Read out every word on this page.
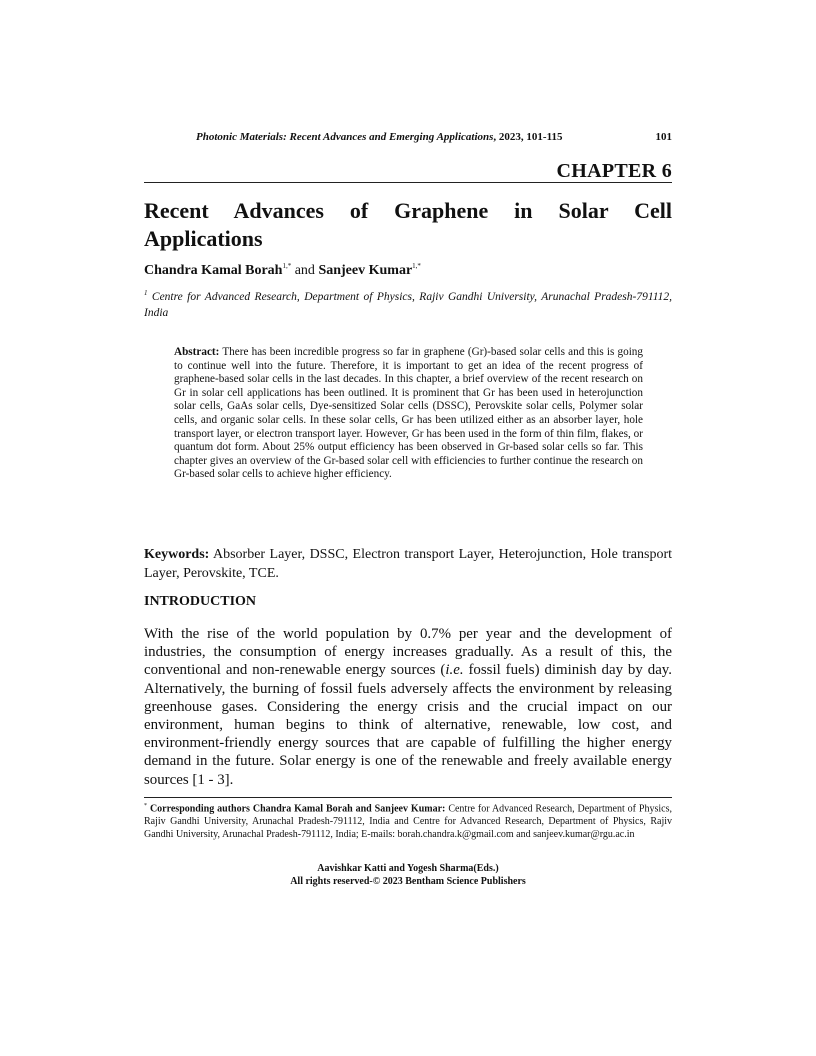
Photonic Materials: Recent Advances and Emerging Applications, 2023, 101-115	101
CHAPTER 6
Recent Advances of Graphene in Solar Cell Applications
Chandra Kamal Borah$^{1,*}$ and Sanjeev Kumar$^{1,*}$
$^1$ Centre for Advanced Research, Department of Physics, Rajiv Gandhi University, Arunachal Pradesh-791112, India
Abstract: There has been incredible progress so far in graphene (Gr)-based solar cells and this is going to continue well into the future. Therefore, it is important to get an idea of the recent progress of graphene-based solar cells in the last decades. In this chapter, a brief overview of the recent research on Gr in solar cell applications has been outlined. It is prominent that Gr has been used in heterojunction solar cells, GaAs solar cells, Dye-sensitized Solar cells (DSSC), Perovskite solar cells, Polymer solar cells, and organic solar cells. In these solar cells, Gr has been utilized either as an absorber layer, hole transport layer, or electron transport layer. However, Gr has been used in the form of thin film, flakes, or quantum dot form. About 25% output efficiency has been observed in Gr-based solar cells so far. This chapter gives an overview of the Gr-based solar cell with efficiencies to further continue the research on Gr-based solar cells to achieve higher efficiency.
Keywords: Absorber Layer, DSSC, Electron transport Layer, Heterojunction, Hole transport Layer, Perovskite, TCE.
INTRODUCTION

With the rise of the world population by 0.7% per year and the development of industries, the consumption of energy increases gradually. As a result of this, the conventional and non-renewable energy sources (i.e. fossil fuels) diminish day by day. Alternatively, the burning of fossil fuels adversely affects the environment by releasing greenhouse gases. Considering the energy crisis and the crucial impact on our environment, human begins to think of alternative, renewable, low cost, and environment-friendly energy sources that are capable of fulfilling the higher energy demand in the future. Solar energy is one of the renewable and freely available energy sources [1 - 3].

* Corresponding authors Chandra Kamal Borah and Sanjeev Kumar: Centre for Advanced Research, Department of Physics, Rajiv Gandhi University, Arunachal Pradesh-791112, India and Centre for Advanced Research, Department of Physics, Rajiv Gandhi University, Arunachal Pradesh-791112, India; E-mails: borah.chandra.k@gmail.com and sanjeev.kumar@rgu.ac.in
Aavishkar Katti and Yogesh Sharma(Eds.)
All rights reserved-© 2023 Bentham Science Publishers
